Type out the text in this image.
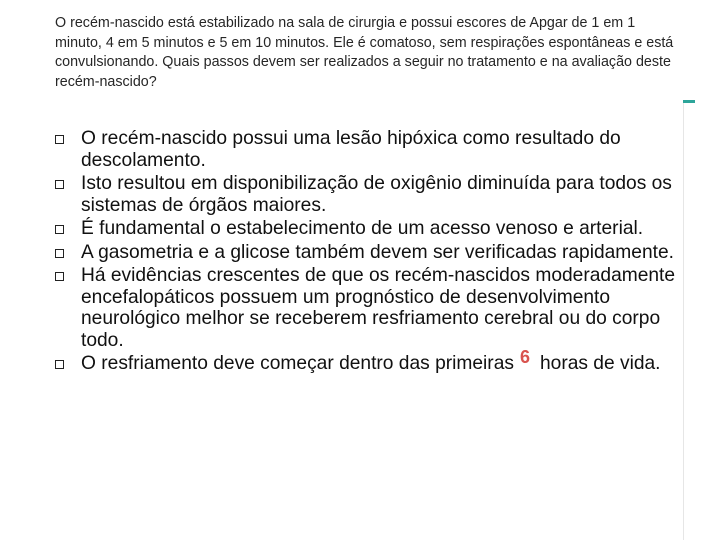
O recém-nascido está estabilizado na sala de cirurgia e possui escores de Apgar de 1 em 1 minuto, 4 em 5 minutos e 5 em 10 minutos. Ele é comatoso, sem respirações espontâneas e está convulsionando. Quais passos devem ser realizados a seguir no tratamento e na avaliação deste recém-nascido?
O recém-nascido possui uma lesão hipóxica como resultado do descolamento.
Isto resultou em disponibilização de oxigênio diminuída para todos os sistemas de órgãos maiores.
É fundamental o estabelecimento de um acesso venoso e arterial.
A gasometria e a glicose também devem ser verificadas rapidamente.
Há evidências crescentes de que os recém-nascidos moderadamente encefalopáticos possuem um prognóstico de desenvolvimento neurológico melhor se receberem resfriamento cerebral ou do corpo todo.
O resfriamento deve começar dentro das primeiras 6 horas de vida.
